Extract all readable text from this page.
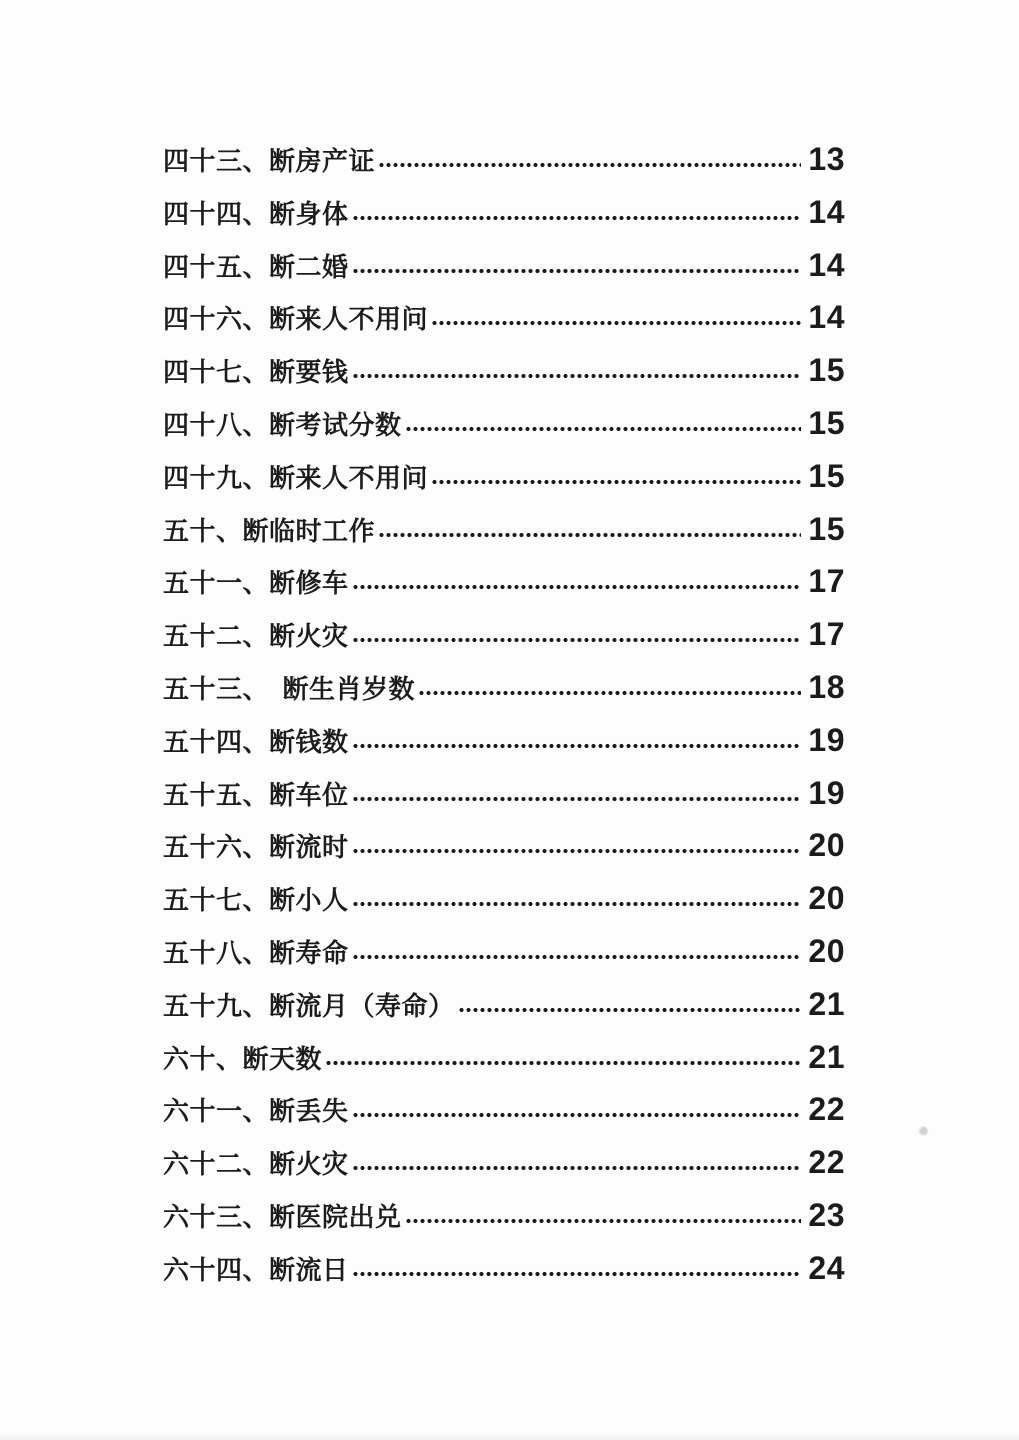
四十三、断房产证	13
四十四、断身体	14
四十五、断二婚	14
四十六、断来人不用问	14
四十七、断要钱	15
四十八、断考试分数	15
四十九、断来人不用问	15
五十、断临时工作	15
五十一、断修车	17
五十二、断火灾	17
五十三、　断生肖岁数	18
五十四、断钱数	19
五十五、断车位	19
五十六、断流时	20
五十七、断小人	20
五十八、断寿命	20
五十九、断流月（寿命）	21
六十、断天数	21
六十一、断丢失	22
六十二、断火灾	22
六十三、断医院出兑	23
六十四、断流日	24
